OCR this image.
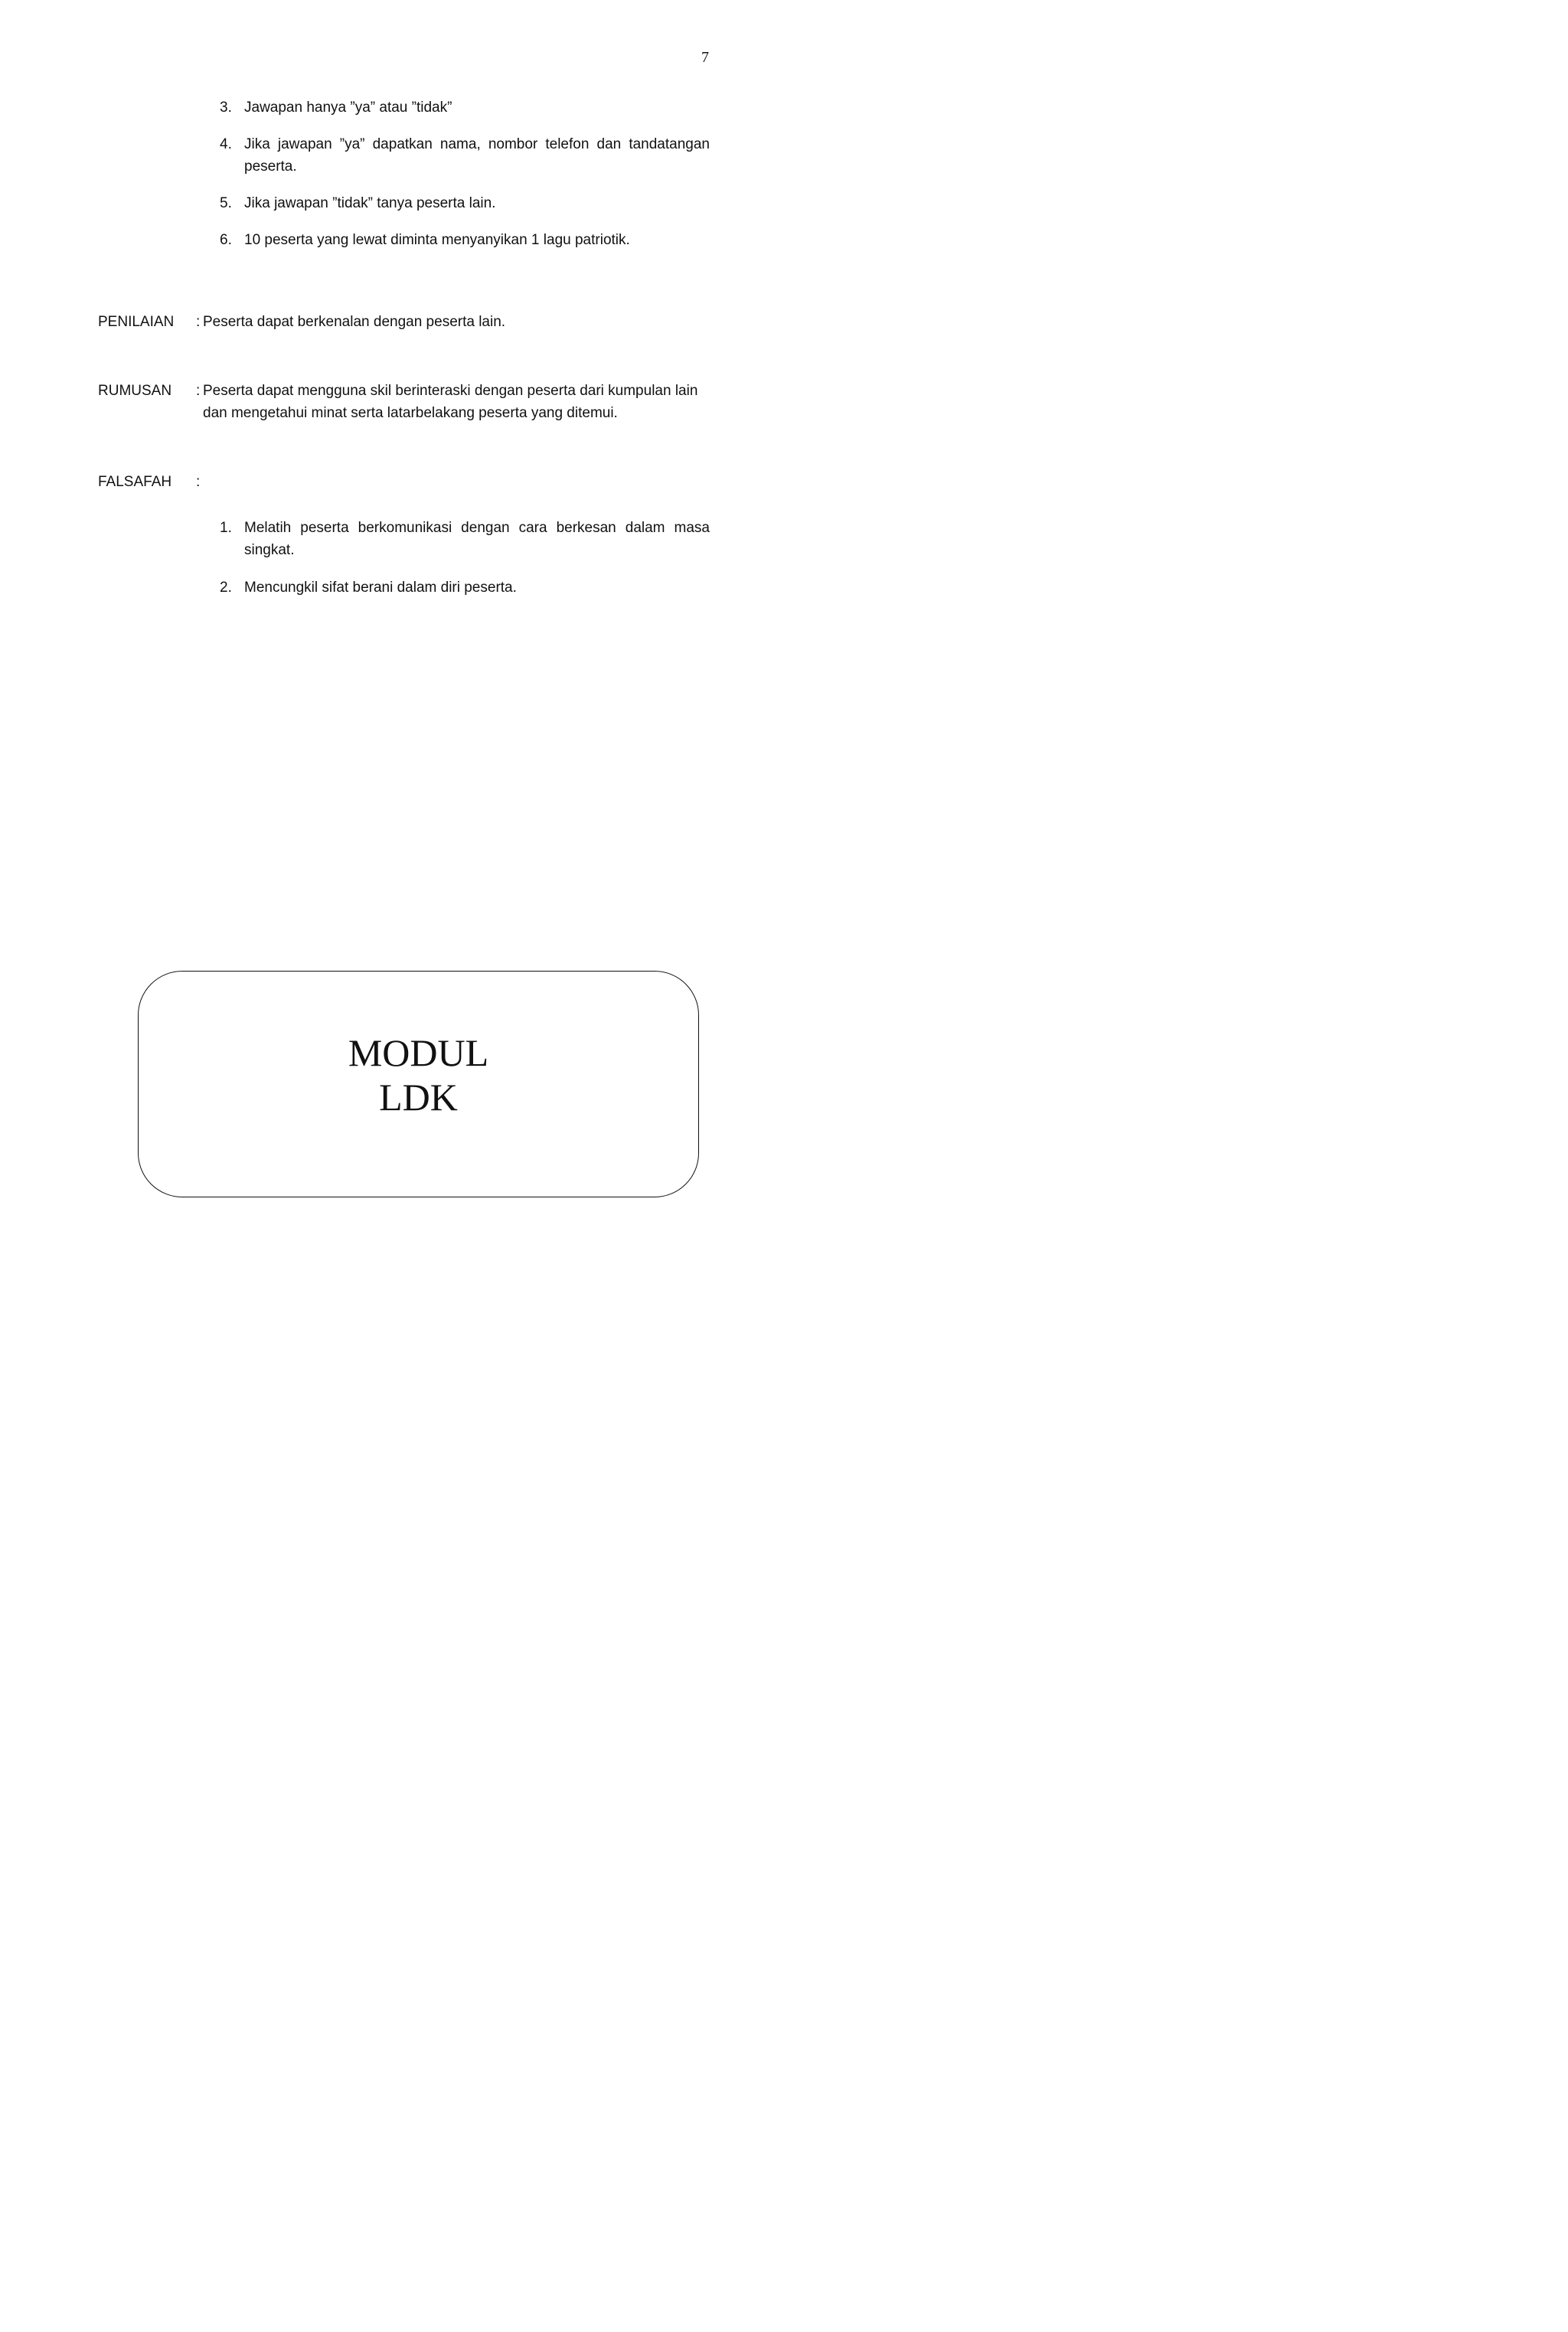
7
3. Jawapan hanya ”ya” atau ”tidak”
4. Jika jawapan ”ya” dapatkan nama, nombor telefon dan tandatangan peserta.
5. Jika jawapan ”tidak” tanya peserta lain.
6. 10 peserta yang lewat diminta menyanyikan 1 lagu patriotik.
PENILAIAN : Peserta dapat berkenalan dengan peserta lain.
RUMUSAN : Peserta dapat mengguna skil berinteraski dengan peserta dari kumpulan lain dan mengetahui minat serta latarbelakang peserta yang ditemui.
FALSAFAH :
1. Melatih peserta berkomunikasi dengan cara berkesan dalam masa singkat.
2. Mencungkil sifat berani dalam diri peserta.
MODUL
LDK
